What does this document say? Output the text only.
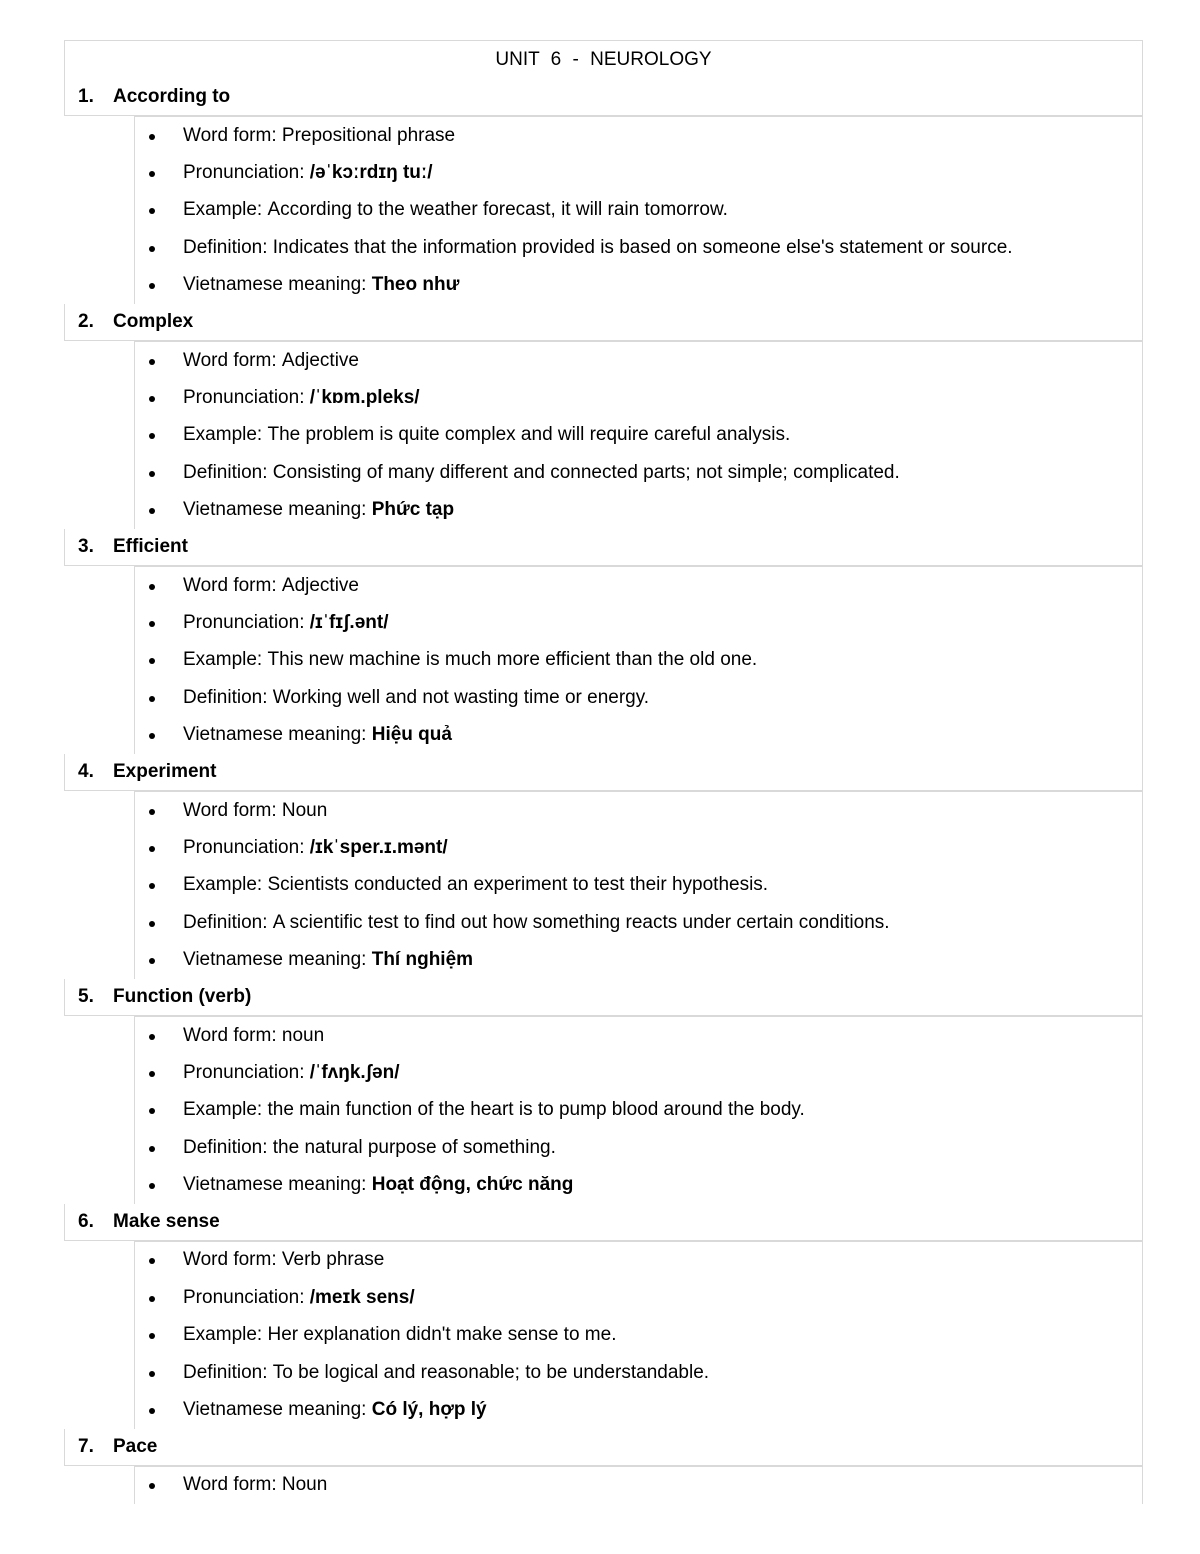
UNIT 6 - NEUROLOGY
1.	According to
Word form: Prepositional phrase
Pronunciation: /əˈkɔːrdɪŋ tuː/
Example: According to the weather forecast, it will rain tomorrow.
Definition: Indicates that the information provided is based on someone else's statement or source.
Vietnamese meaning: Theo như
2.	Complex
Word form: Adjective
Pronunciation: /ˈkɒm.pleks/
Example: The problem is quite complex and will require careful analysis.
Definition: Consisting of many different and connected parts; not simple; complicated.
Vietnamese meaning: Phức tạp
3.	Efficient
Word form: Adjective
Pronunciation: /ɪˈfɪʃ.ənt/
Example: This new machine is much more efficient than the old one.
Definition: Working well and not wasting time or energy.
Vietnamese meaning: Hiệu quả
4.	Experiment
Word form: Noun
Pronunciation: /ɪkˈsper.ɪ.mənt/
Example: Scientists conducted an experiment to test their hypothesis.
Definition: A scientific test to find out how something reacts under certain conditions.
Vietnamese meaning: Thí nghiệm
5.	Function (verb)
Word form: noun
Pronunciation: /ˈfʌŋk.ʃən/
Example: the main function of the heart is to pump blood around the body.
Definition: the natural purpose of something.
Vietnamese meaning: Hoạt động, chức năng
6.	Make sense
Word form: Verb phrase
Pronunciation: /meɪk sens/
Example: Her explanation didn't make sense to me.
Definition: To be logical and reasonable; to be understandable.
Vietnamese meaning: Có lý, hợp lý
7.	Pace
Word form: Noun
